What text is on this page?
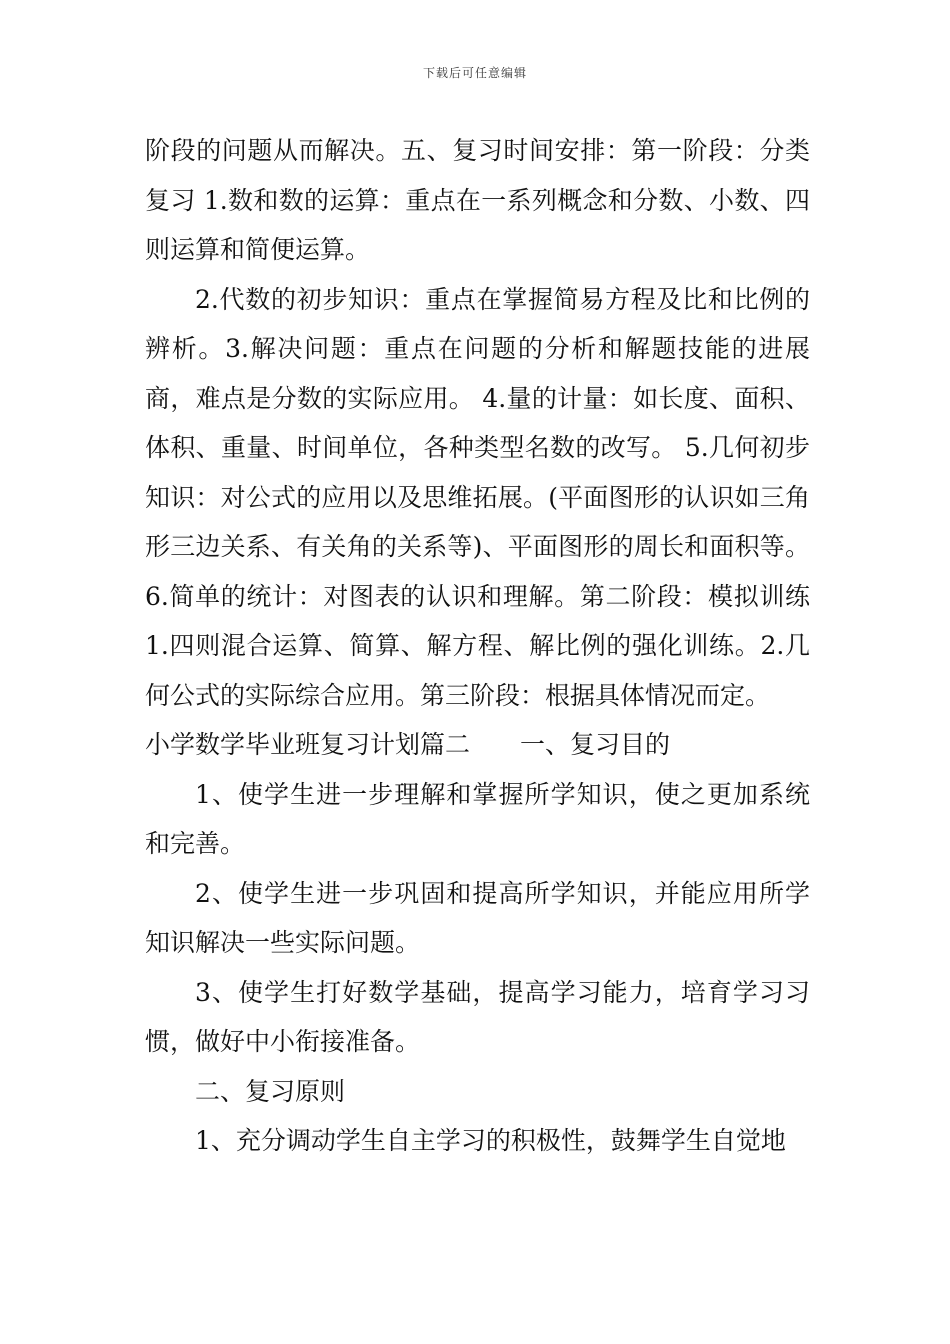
下载后可任意编辑

阶段的问题从而解决。五、复习时间安排：第一阶段：分类复习 1.数和数的运算：重点在一系列概念和分数、小数、四则运算和简便运算。

2.代数的初步知识：重点在掌握简易方程及比和比例的辨析。3.解决问题：重点在问题的分析和解题技能的进展商，难点是分数的实际应用。 4.量的计量：如长度、面积、体积、重量、时间单位，各种类型名数的改写。 5.几何初步知识：对公式的应用以及思维拓展。(平面图形的认识如三角形三边关系、有关角的关系等)、平面图形的周长和面积等。 6.简单的统计：对图表的认识和理解。第二阶段：模拟训练 1.四则混合运算、简算、解方程、解比例的强化训练。2.几何公式的实际综合应用。第三阶段：根据具体情况而定。

小学数学毕业班复习计划篇二　　一、复习目的

1、使学生进一步理解和掌握所学知识，使之更加系统和完善。

2、使学生进一步巩固和提高所学知识，并能应用所学知识解决一些实际问题。

3、使学生打好数学基础，提高学习能力，培育学习习惯，做好中小衔接准备。

二、复习原则

1、充分调动学生自主学习的积极性，鼓舞学生自觉地
